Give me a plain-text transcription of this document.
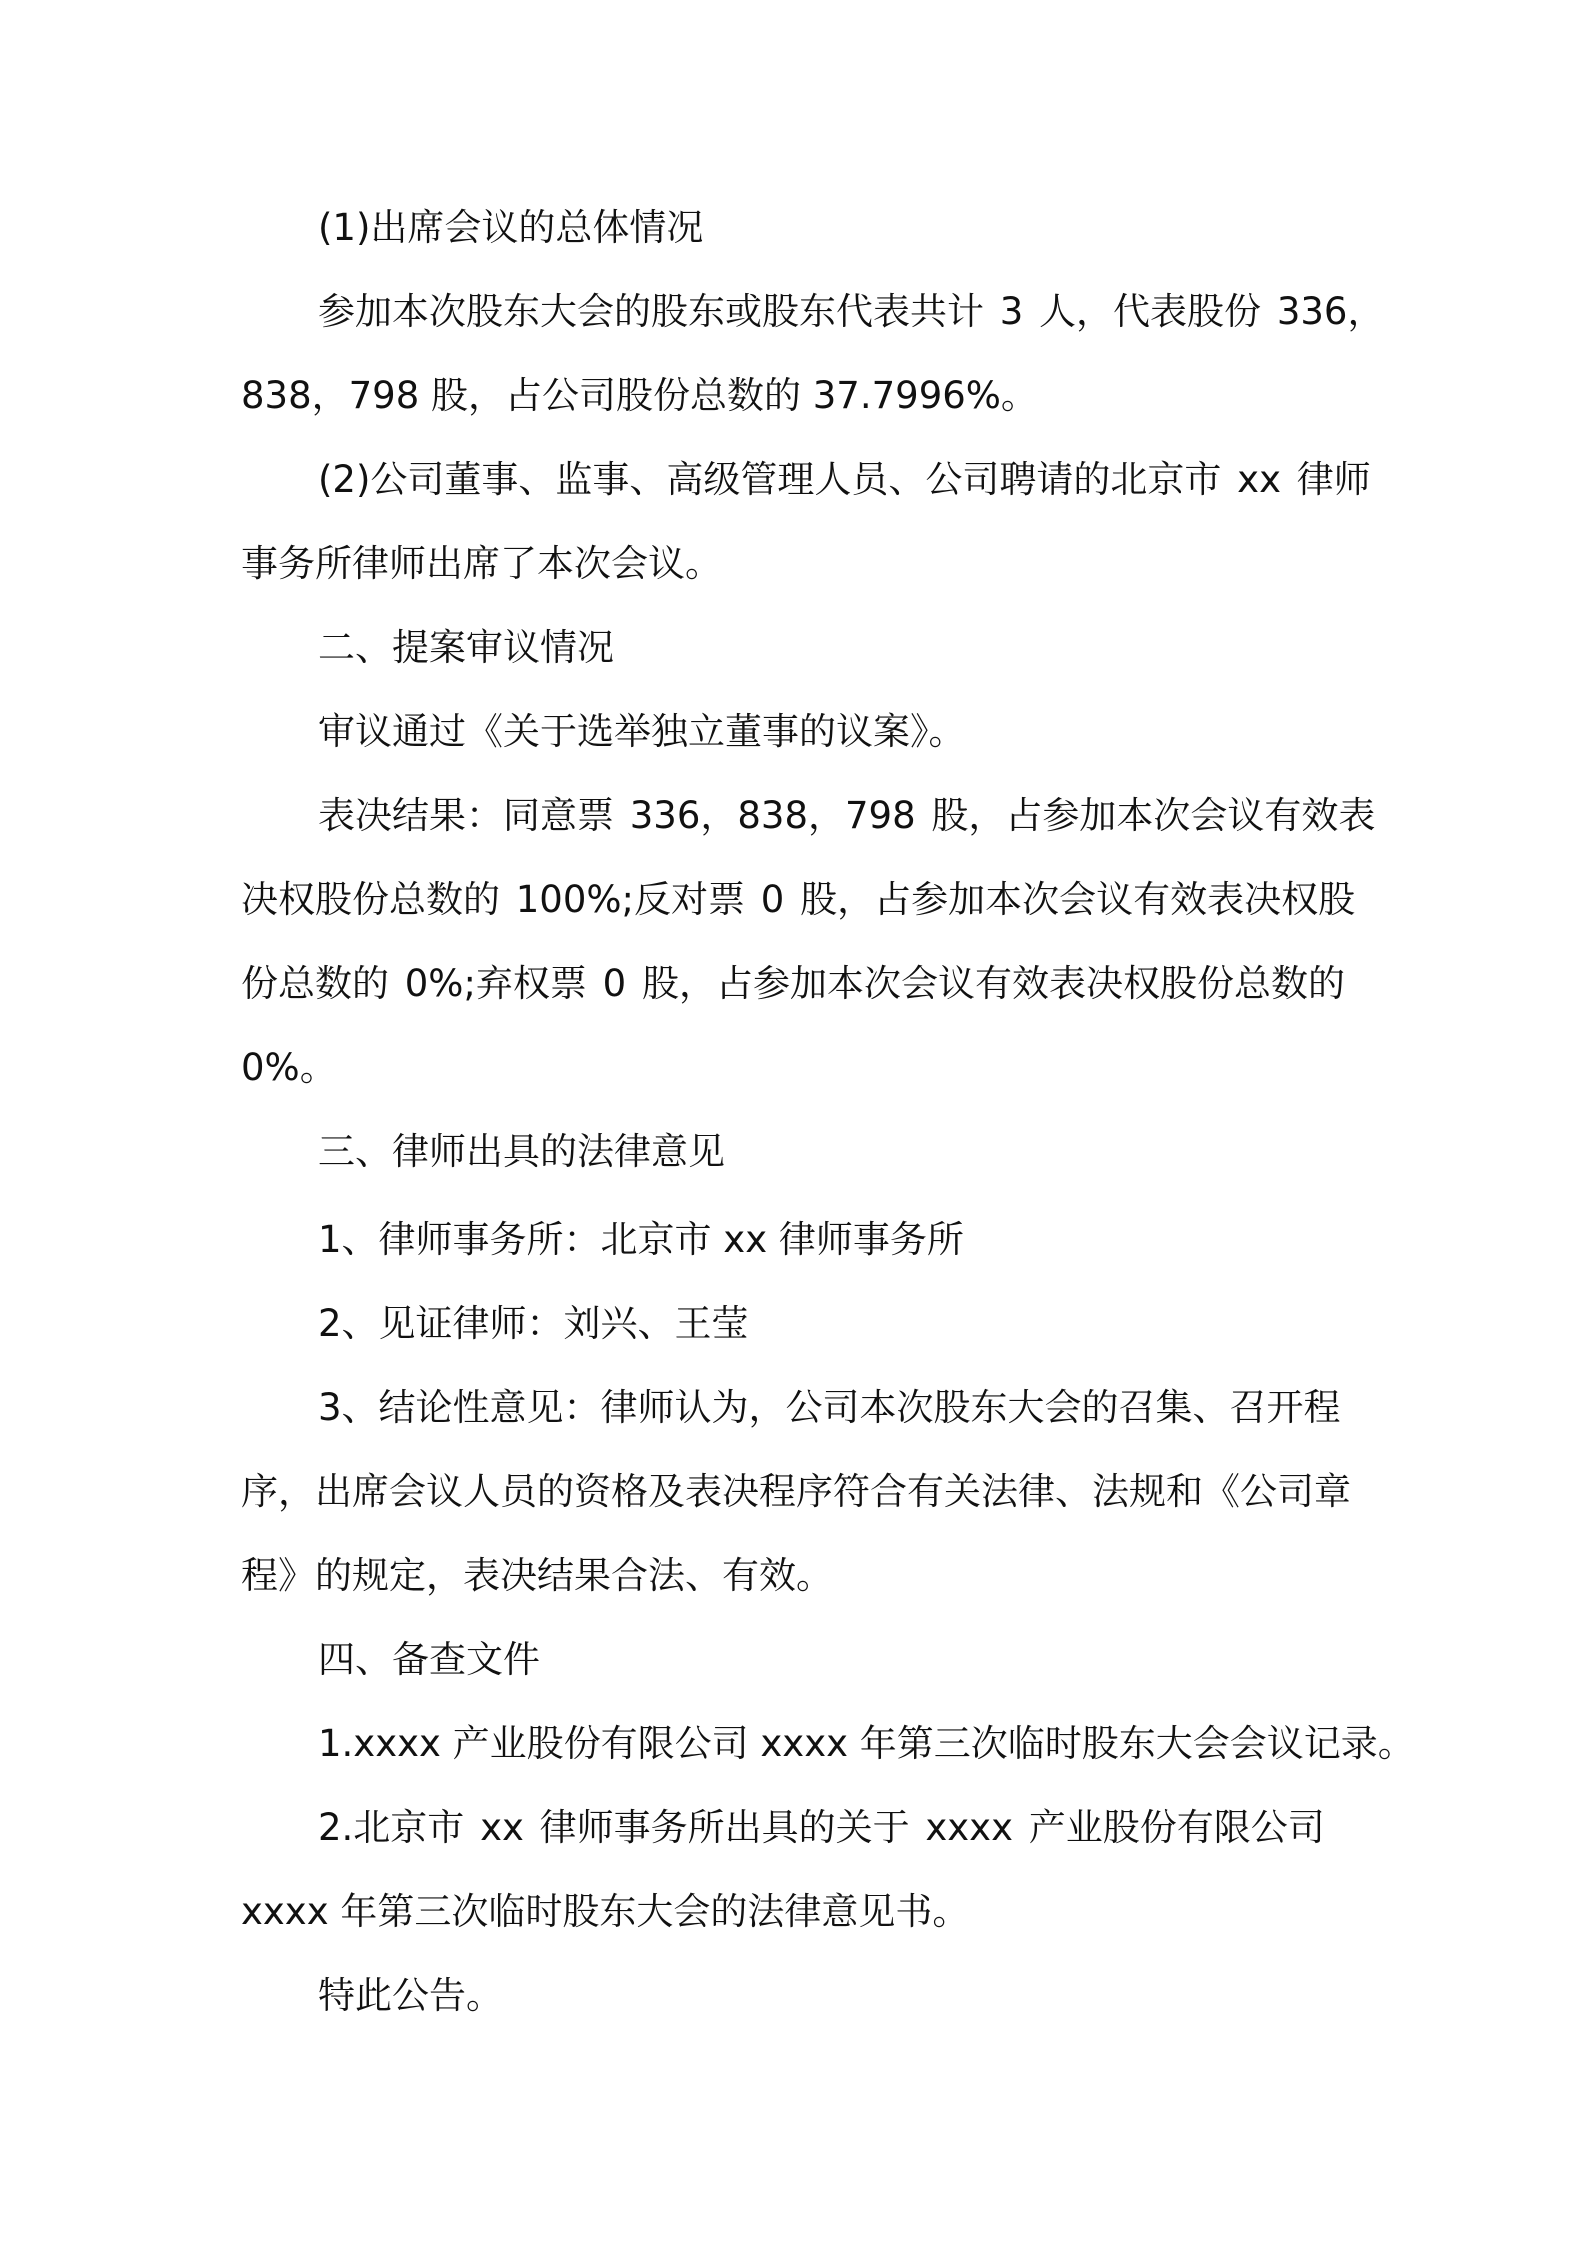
(1)出席会议的总体情况

参加本次股东大会的股东或股东代表共计 3 人，代表股份 336，

838，798 股，占公司股份总数的 37.7996%。

(2)公司董事、监事、高级管理人员、公司聘请的北京市 xx 律师

事务所律师出席了本次会议。

二、提案审议情况

审议通过《关于选举独立董事的议案》。

表决结果：同意票 336，838，798 股，占参加本次会议有效表

决权股份总数的 100%;反对票 0 股，占参加本次会议有效表决权股

份总数的 0%;弃权票 0 股，占参加本次会议有效表决权股份总数的

0%。

三、律师出具的法律意见

1、律师事务所：北京市 xx 律师事务所

2、见证律师：刘兴、王莹

3、结论性意见：律师认为，公司本次股东大会的召集、召开程

序，出席会议人员的资格及表决程序符合有关法律、法规和《公司章

程》的规定，表决结果合法、有效。

四、备查文件

1.xxxx 产业股份有限公司 xxxx 年第三次临时股东大会会议记录。

2.北京市 xx 律师事务所出具的关于 xxxx 产业股份有限公司

xxxx 年第三次临时股东大会的法律意见书。

特此公告。
